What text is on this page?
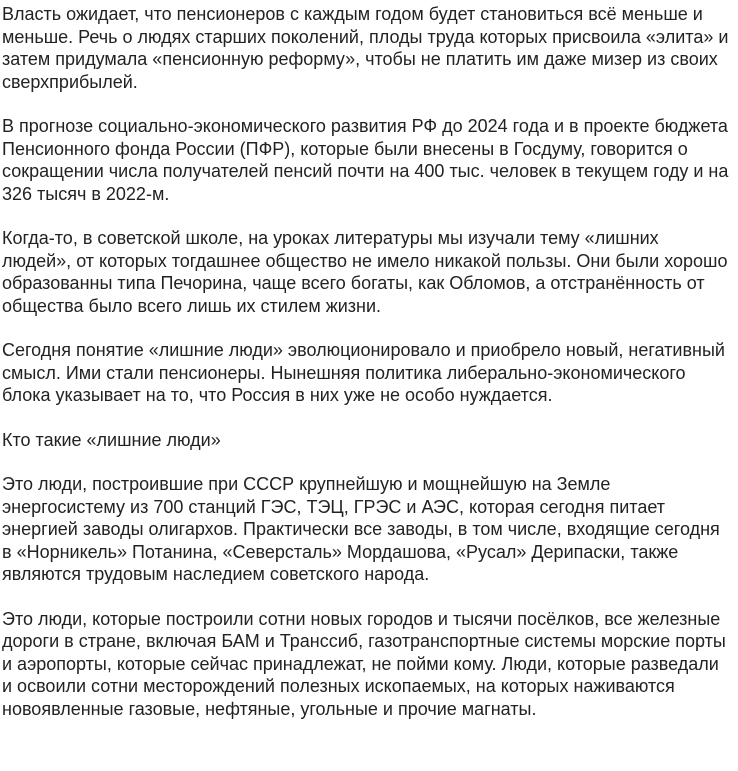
Власть ожидает, что пенсионеров с каждым годом будет становиться всё меньше и меньше. Речь о людях старших поколений, плоды труда которых присвоила «элита» и затем придумала «пенсионную реформу», чтобы не платить им даже мизер из своих сверхприбылей.

В прогнозе социально-экономического развития РФ до 2024 года и в проекте бюджета Пенсионного фонда России (ПФР), которые были внесены в Госдуму, говорится о сокращении числа получателей пенсий почти на 400 тыс. человек в текущем году и на 326 тысяч в 2022-м.

Когда-то, в советской школе, на уроках литературы мы изучали тему «лишних людей», от которых тогдашнее общество не имело никакой пользы. Они были хорошо образованны типа Печорина, чаще всего богаты, как Обломов, а отстранённость от общества было всего лишь их стилем жизни.

Сегодня понятие «лишние люди» эволюционировало и приобрело новый, негативный смысл. Ими стали пенсионеры. Нынешняя политика либерально-экономического блока указывает на то, что Россия в них уже не особо нуждается.

Кто такие «лишние люди»

Это люди, построившие при СССР крупнейшую и мощнейшую на Земле энергосистему из 700 станций ГЭС, ТЭЦ, ГРЭС и АЭС, которая сегодня питает энергией заводы олигархов. Практически все заводы, в том числе, входящие сегодня в «Норникель» Потанина, «Северсталь» Мордашова, «Русал» Дерипаски, также являются трудовым наследием советского народа.

Это люди, которые построили сотни новых городов и тысячи посёлков, все железные дороги в стране, включая БАМ и Транссиб, газотранспортные системы морские порты и аэропорты, которые сейчас принадлежат, не пойми кому. Люди, которые разведали и освоили сотни месторождений полезных ископаемых, на которых наживаются новоявленные газовые, нефтяные, угольные и прочие магнаты.
